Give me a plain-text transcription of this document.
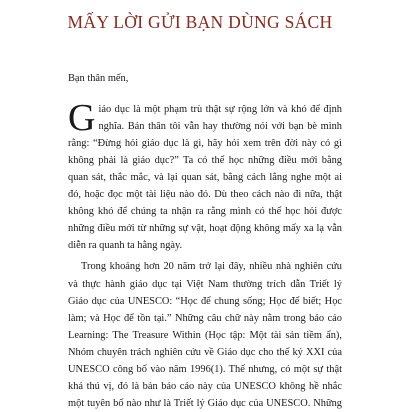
MẤY LỜI GỬI BẠN DÙNG SÁCH
Bạn thân mến,
G iáo dục là một phạm trù thật sự rộng lớn và khó để định
nghĩa. Bản thân tôi vẫn hay thường nói với bạn bè mình
rằng: “Đừng hỏi giáo dục là gì, hãy hỏi xem trên đời này có gì
không phải là giáo dục?” Ta có thể học những điều mới bằng
quan sát, thắc mắc, và lại quan sát, bằng cách lắng nghe một ai
đó, hoặc đọc một tài liệu nào đó. Dù theo cách nào đi nữa, thật
không khó để chúng ta nhận ra rằng mình có thể học hỏi được
những điều mới từ những sự vật, hoạt động không mấy xa lạ vẫn
diễn ra quanh ta hằng ngày.
Trong khoảng hơn 20 năm trở lại đây, nhiều nhà nghiên cứu
và thực hành giáo dục tại Việt Nam thường trích dẫn Triết lý
Giáo dục của UNESCO: “Học để chung sống; Học để biết; Học
làm; và Học để tồn tại.” Những câu chữ này nằm trong báo cáo
Learning: The Treasure Within (Học tập: Một tài sản tiềm ẩn),
Nhóm chuyên trách nghiên cứu về Giáo dục cho thế kỷ XXI của
UNESCO công bố vào năm 1996(1). Thế nhưng, có một sự thật
khá thú vị, đó là bản báo cáo này của UNESCO không hề nhắc
một tuyên bố nào như là Triết lý Giáo dục của UNESCO. Những
